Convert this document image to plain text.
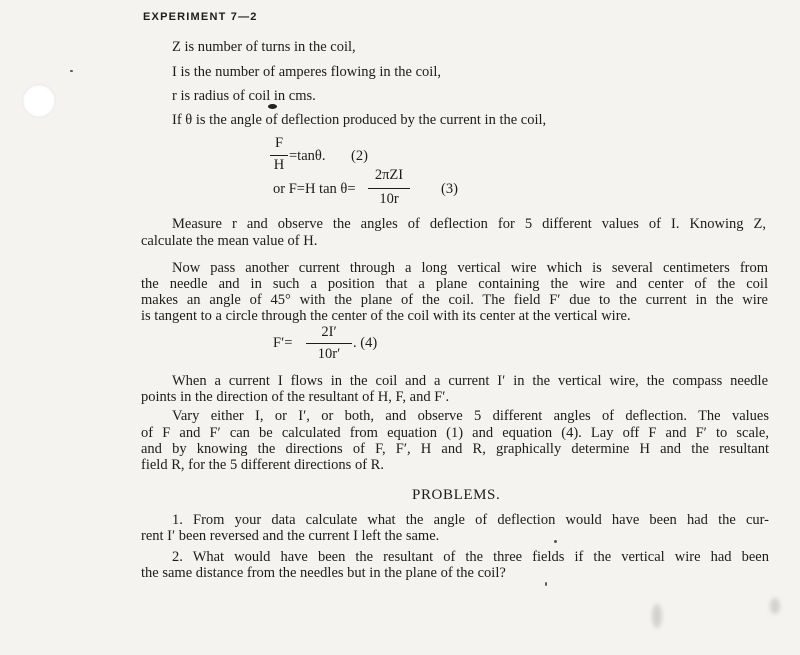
EXPERIMENT 7—2
Z is number of turns in the coil,
I is the number of amperes flowing in the coil,
r is radius of coil in cms.
If θ is the angle of deflection produced by the current in the coil,
F
H
=tanθ. (2)
or F=H tan θ=
2πZI
10r
(3)
Measure r and observe the angles of deflection for 5 different values of I. Knowing Z,
calculate the mean value of H.
Now pass another current through a long vertical wire which is several centimeters from
the needle and in such a position that a plane containing the wire and center of the coil
makes an angle of 45° with the plane of the coil. The field F′ due to the current in the wire
is tangent to a circle through the center of the coil with its center at the vertical wire.
F′=
2I′
10r′
. (4)
When a current I flows in the coil and a current I′ in the vertical wire, the compass needle
points in the direction of the resultant of H, F, and F′.
Vary either I, or I′, or both, and observe 5 different angles of deflection. The values
of F and F′ can be calculated from equation (1) and equation (4). Lay off F and F′ to scale,
and by knowing the directions of F, F′, H and R, graphically determine H and the resultant
field R, for the 5 different directions of R.
PROBLEMS.
1. From your data calculate what the angle of deflection would have been had the cur-
rent I′ been reversed and the current I left the same.
2. What would have been the resultant of the three fields if the vertical wire had been
the same distance from the needles but in the plane of the coil?
